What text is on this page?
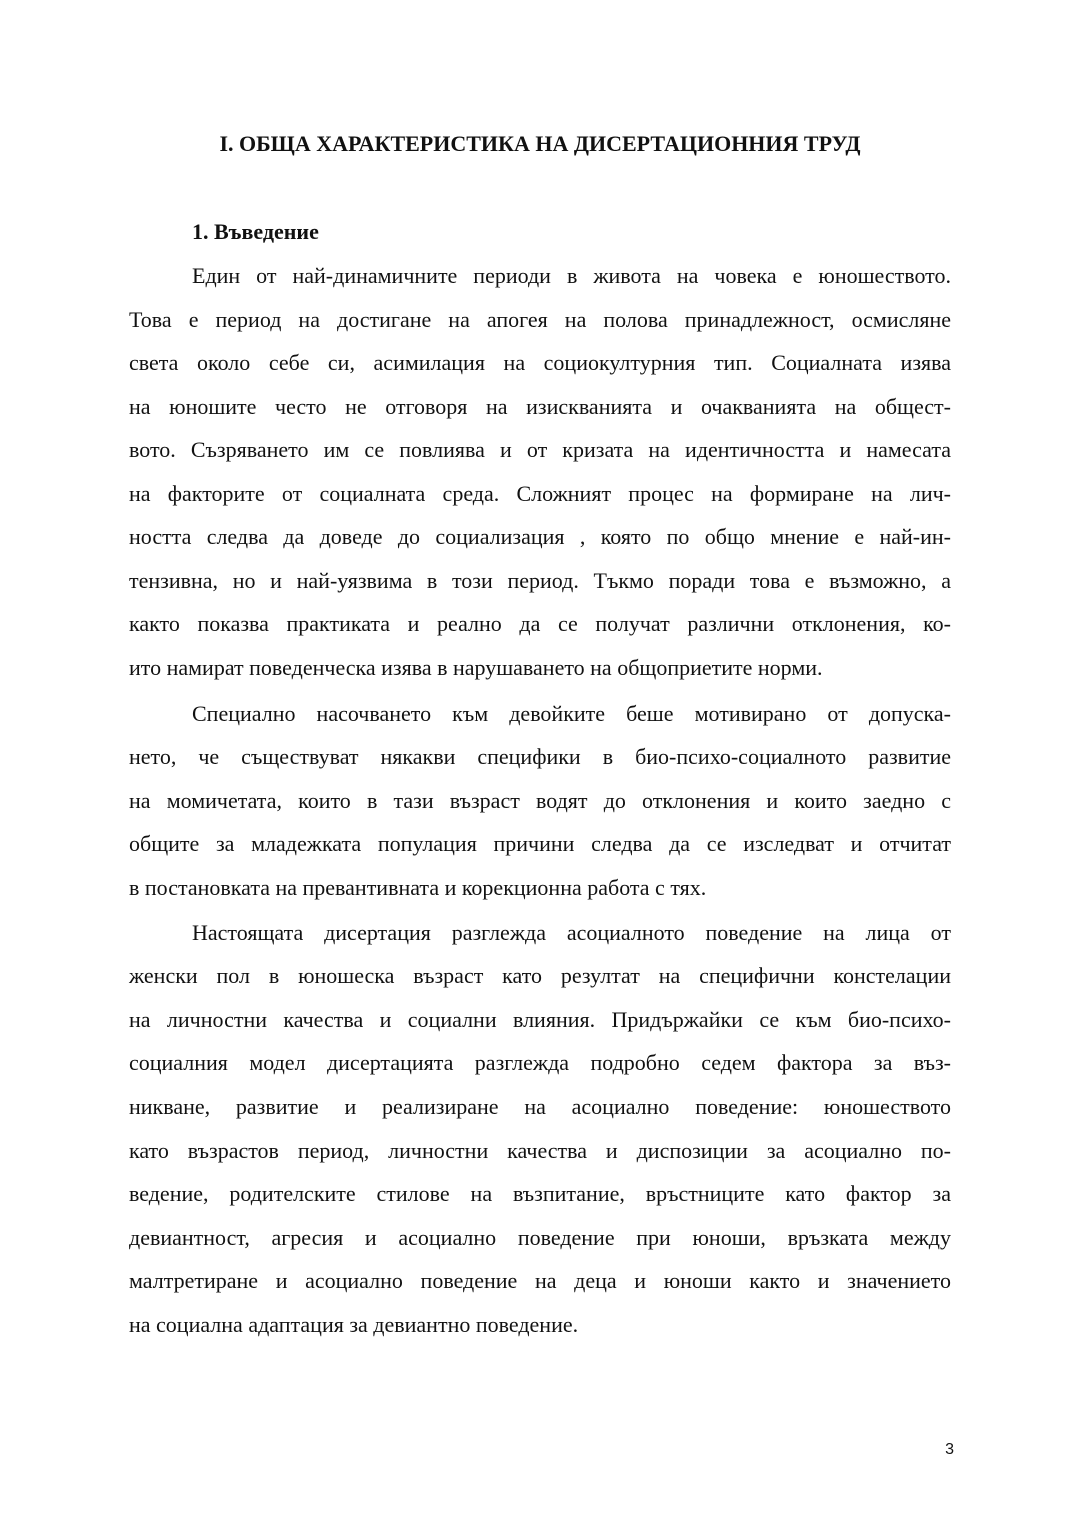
I. ОБЩА ХАРАКТЕРИСТИКА НА ДИСЕРТАЦИОННИЯ ТРУД
1. Въведение
Един от най-динамичните периоди в живота на човека е юношеството.
Това е период на достигане на апогея на полова принадлежност, осмисляне
света около себе си, асимилация на социокултурния тип. Социалната изява
на юношите често не отговоря на изискванията и очакванията на общест-
вото. Съзряването им се повлиява и от кризата на идентичността и намесата
на факторите от социалната среда. Сложният процес на формиране на лич-
ността следва да доведе до социализация , която по общо мнение е най-ин-
тензивна, но и най-уязвима в този период. Тъкмо поради това е възможно, а
както показва практиката и реално да се получат различни отклонения, ко-
ито намират поведенческа изява в нарушаването на общоприетите норми.
Специално насочването към девойките беше мотивирано от допуска-
нето, че съществуват някакви специфики в био-психо-социалното развитие
на момичетата, които в тази възраст водят до отклонения и които заедно с
общите за младежката популация причини следва да се изследват и отчитат
в постановката на превантивната и корекционна работа с тях.
Настоящата дисертация разглежда асоциалното поведение на лица от
женски пол в юношеска възраст като резултат на специфични констелации
на личностни качества и социални влияния. Придържайки се към био-психо-
социалния модел дисертацията разглежда подробно седем фактора за въз-
никване, развитие и реализиране на асоциално поведение: юношеството
като възрастов период, личностни качества и диспозиции за асоциално по-
ведение, родителските стилове на възпитание, връстниците като фактор за
девиантност, агресия и асоциално поведение при юноши, връзката между
малтретиране и асоциално поведение на деца и юноши както и значението
на социална адаптация за девиантно поведение.
3
